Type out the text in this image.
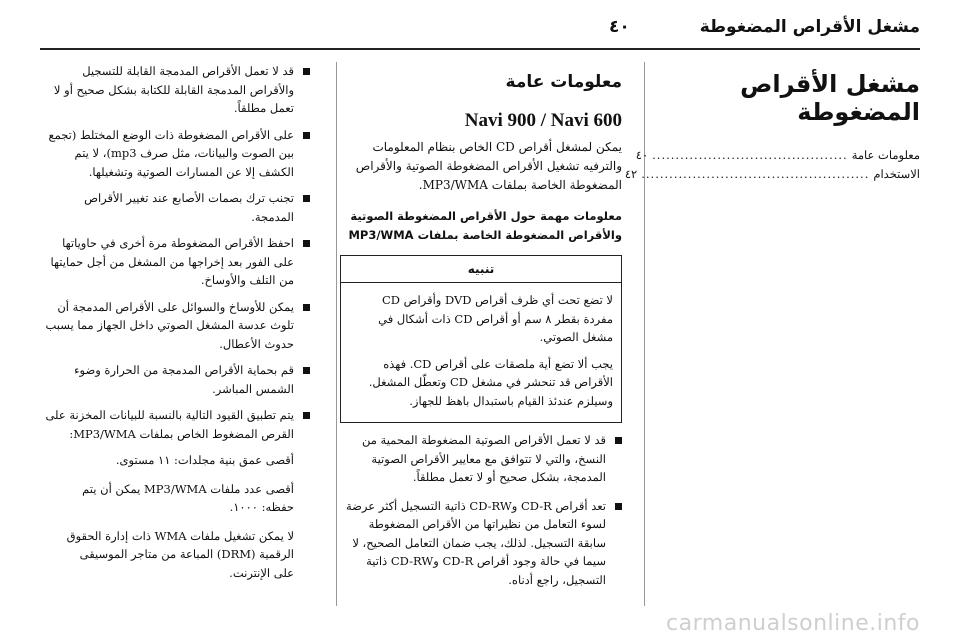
مشغل الأقراص المضغوطة
٤٠
مشغل الأقراص المضغوطة
معلومات عامة
..........................................
٤٠
الاستخدام
.................................................
٤٢
معلومات عامة
Navi 900 / Navi 600

يمكن لمشغل أقراص CD الخاص بنظام المعلومات والترفيه تشغيل الأقراص المضغوطة الصوتية والأقراص المضغوطة الخاصة بملفات MP3/WMA.

معلومات مهمة حول الأقراص المضغوطة الصوتية والأقراص المضغوطة الخاصة بملفات MP3/WMA
تنبيه

لا تضع تحت أي ظرف أقراص DVD وأقراص CD مفردة بقطر ٨ سم أو أقراص CD ذات أشكال في مشغل الصوتي.

يجب ألا تضع أية ملصقات على أقراص CD. فهذه الأقراص قد تنحشر في مشغل CD وتعطّل المشغل. وسيلزم عندئذ القيام باستبدال باهظ للجهاز.

قد لا تعمل الأقراص الصوتية المضغوطة المحمية من النسخ، والتي لا تتوافق مع معايير الأقراص الصوتية المدمجة، بشكل صحيح أو لا تعمل مطلقاً.
تعد أقراص CD-R وCD-RW ذاتية التسجيل أكثر عرضة لسوء التعامل من نظيراتها من الأقراص المضغوطة سابقة التسجيل. لذلك، يجب ضمان التعامل الصحيح، لا سيما في حالة وجود أقراص CD-R وCD-RW ذاتية التسجيل، راجع أدناه.
قد لا تعمل الأقراص المدمجة القابلة للتسجيل والأقراص المدمجة القابلة للكتابة بشكل صحيح أو لا تعمل مطلقاً.
على الأقراص المضغوطة ذات الوضع المختلط (تجمع بين الصوت والبيانات، مثل صرف mp3)، لا يتم الكشف إلا عن المسارات الصوتية وتشغيلها.
تجنب ترك بصمات الأصابع عند تغيير الأقراص المدمجة.
احفظ الأقراص المضغوطة مرة أخرى في حاوياتها على الفور بعد إخراجها من المشغل من أجل حمايتها من التلف والأوساخ.
يمكن للأوساخ والسوائل على الأقراص المدمجة أن تلوث عدسة المشغل الصوتي داخل الجهاز مما يسبب حدوث الأعطال.
قم بحماية الأقراص المدمجة من الحرارة وضوء الشمس المباشر.
يتم تطبيق القيود التالية بالنسبة للبيانات المخزنة على القرص المضغوط الخاص بملفات MP3/WMA:

أقصى عمق بنية مجلدات: ١١ مستوى.

أقصى عدد ملفات MP3/WMA يمكن أن يتم حفظه: ١٠٠٠.

لا يمكن تشغيل ملفات WMA ذات إدارة الحقوق الرقمية (DRM) المباعة من متاجر الموسيقى على الإنترنت.

carmanualsonline.info
